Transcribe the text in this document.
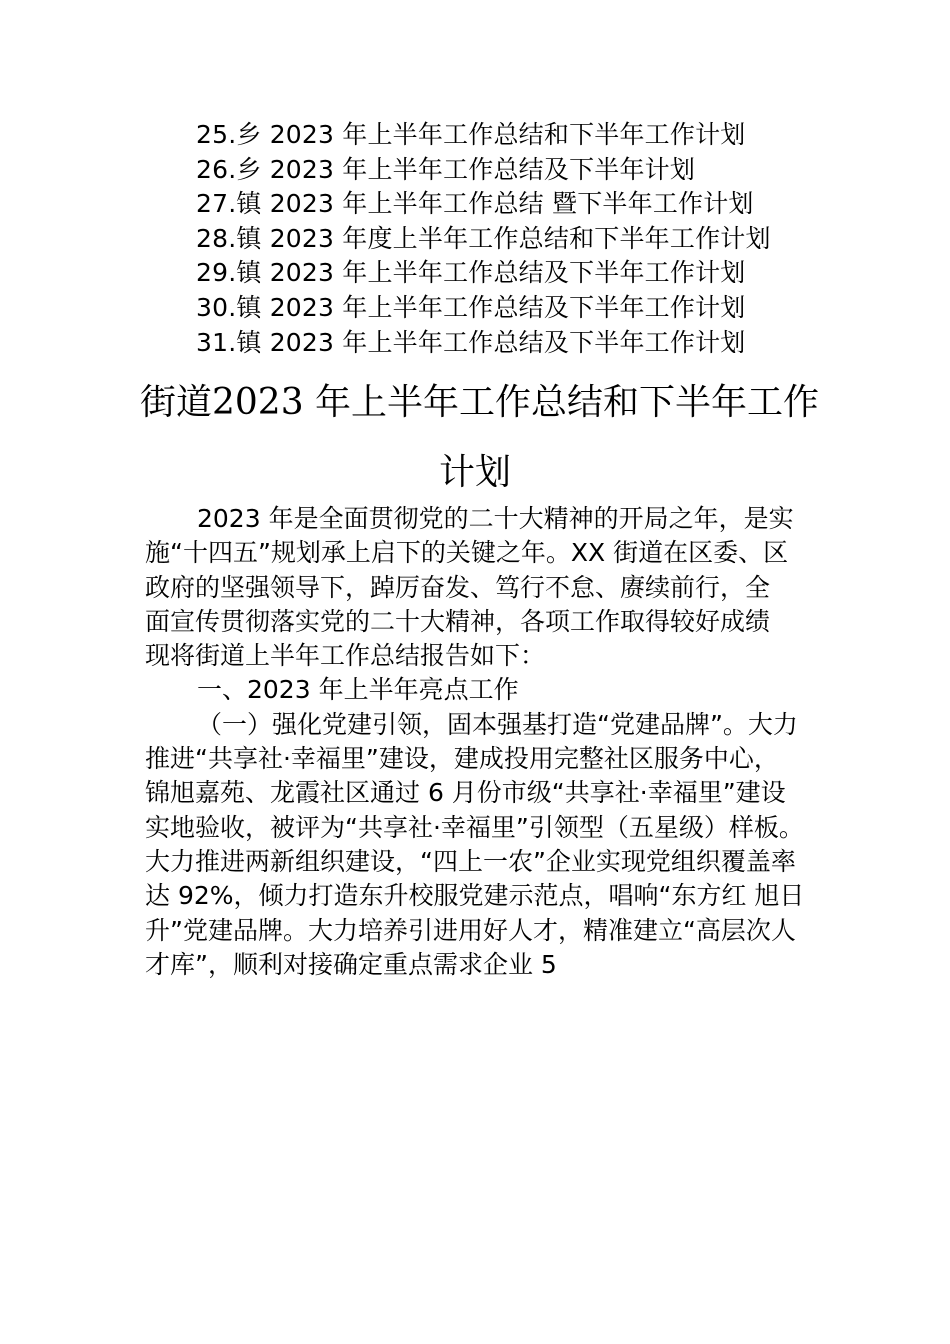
25.乡 2023 年上半年工作总结和下半年工作计划
26.乡 2023 年上半年工作总结及下半年计划
27.镇 2023 年上半年工作总结 暨下半年工作计划
28.镇 2023 年度上半年工作总结和下半年工作计划
29.镇 2023 年上半年工作总结及下半年工作计划
30.镇 2023 年上半年工作总结及下半年工作计划
31.镇 2023 年上半年工作总结及下半年工作计划
街道2023 年上半年工作总结和下半年工作
计划

2023 年是全面贯彻党的二十大精神的开局之年，是实
施“十四五”规划承上启下的关键之年。XX 街道在区委、区
政府的坚强领导下，踔厉奋发、笃行不怠、赓续前行，全
面宣传贯彻落实党的二十大精神，各项工作取得较好成绩
现将街道上半年工作总结报告如下：

一、2023 年上半年亮点工作

（一）强化党建引领，固本强基打造“党建品牌”。大力
推进“共享社·幸福里”建设，建成投用完整社区服务中心，
锦旭嘉苑、龙霞社区通过 6 月份市级“共享社·幸福里”建设
实地验收，被评为“共享社·幸福里”引领型（五星级）样板。
大力推进两新组织建设，“四上一农”企业实现党组织覆盖率
达 92%，倾力打造东升校服党建示范点，唱响“东方红 旭日
升”党建品牌。大力培养引进用好人才，精准建立“高层次人
才库”，顺利对接确定重点需求企业 5
